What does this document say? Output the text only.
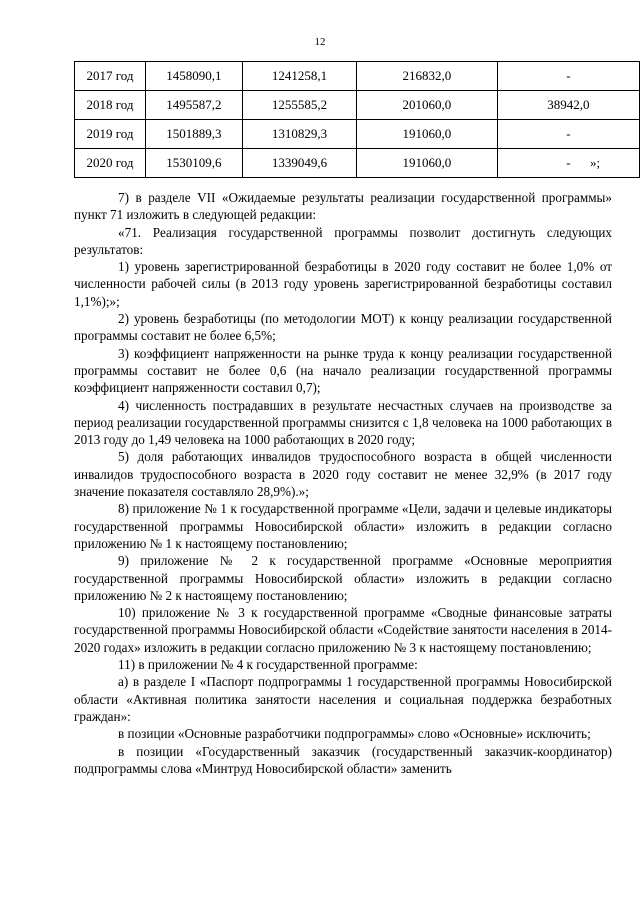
12
2017 год	1458090,1	1241258,1	216832,0	-
2018 год	1495587,2	1255585,2	201060,0	38942,0
2019 год	1501889,3	1310829,3	191060,0	-
2020 год	1530109,6	1339049,6	191060,0	- »;

7) в разделе VII «Ожидаемые результаты реализации государственной программы» пункт 71 изложить в следующей редакции:

«71. Реализация государственной программы позволит достигнуть следующих результатов:

1) уровень зарегистрированной безработицы в 2020 году составит не более 1,0% от численности рабочей силы (в 2013 году уровень зарегистрированной безработицы составил 1,1%);»;

2) уровень безработицы (по методологии МОТ) к концу реализации государственной программы составит не более 6,5%;

3) коэффициент напряженности на рынке труда к концу реализации государственной программы составит не более 0,6 (на начало реализации государственной программы коэффициент напряженности составил 0,7);

4) численность пострадавших в результате несчастных случаев на производстве за период реализации государственной программы снизится с 1,8 человека на 1000 работающих в 2013 году до 1,49 человека на 1000 работающих в 2020 году;

5) доля работающих инвалидов трудоспособного возраста в общей численности инвалидов трудоспособного возраста в 2020 году составит не менее 32,9% (в 2017 году значение показателя составляло 28,9%).»;

8) приложение № 1 к государственной программе «Цели, задачи и целевые индикаторы государственной программы Новосибирской области» изложить в редакции согласно приложению № 1 к настоящему постановлению;

9) приложение № 2 к государственной программе «Основные мероприятия государственной программы Новосибирской области» изложить в редакции согласно приложению № 2 к настоящему постановлению;

10) приложение № 3 к государственной программе «Сводные финансовые затраты государственной программы Новосибирской области «Содействие занятости населения в 2014-2020 годах» изложить в редакции согласно приложению № 3 к настоящему постановлению;

11) в приложении № 4 к государственной программе:

а) в разделе I «Паспорт подпрограммы 1 государственной программы Новосибирской области «Активная политика занятости населения и социальная поддержка безработных граждан»:

в позиции «Основные разработчики подпрограммы» слово «Основные» исключить;

в позиции «Государственный заказчик (государственный заказчик-координатор) подпрограммы слова «Минтруд Новосибирской области» заменить
